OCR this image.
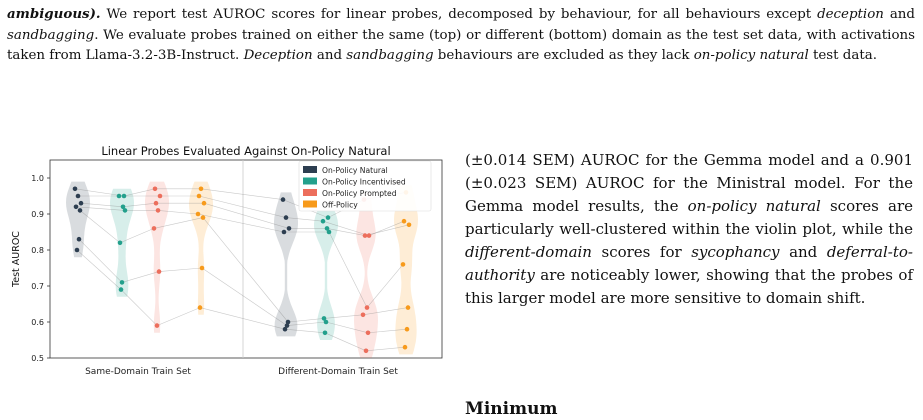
ambiguous). We report test AUROC scores for linear probes, decomposed by behaviour, for all behaviours except deception and sandbagging. We evaluate probes trained on either the same (top) or different (bottom) domain as the test set data, with activations taken from Llama-3.2-3B-Instruct. Deception and sandbagging behaviours are excluded as they lack on-policy natural test data.
Linear Probes Evaluated Against On-Policy Natural
0.5
0.6
0.7
0.8
0.9
1.0
Test AUROC
Same-Domain Train Set	Different-Domain Train Set
On-Policy Natural
On-Policy Incentivised
On-Policy Prompted
Off-Policy
(±0.014 SEM) AUROC for the Gemma model and a 0.901 (±0.023 SEM) AUROC for the Ministral model. For the Gemma model results, the on-policy natural scores are particularly well-clustered within the violin plot, while the different-domain scores for sycophancy and deferral-to-authority are noticeably lower, showing that the probes of this larger model are more sensitive to domain shift.
Minimum
